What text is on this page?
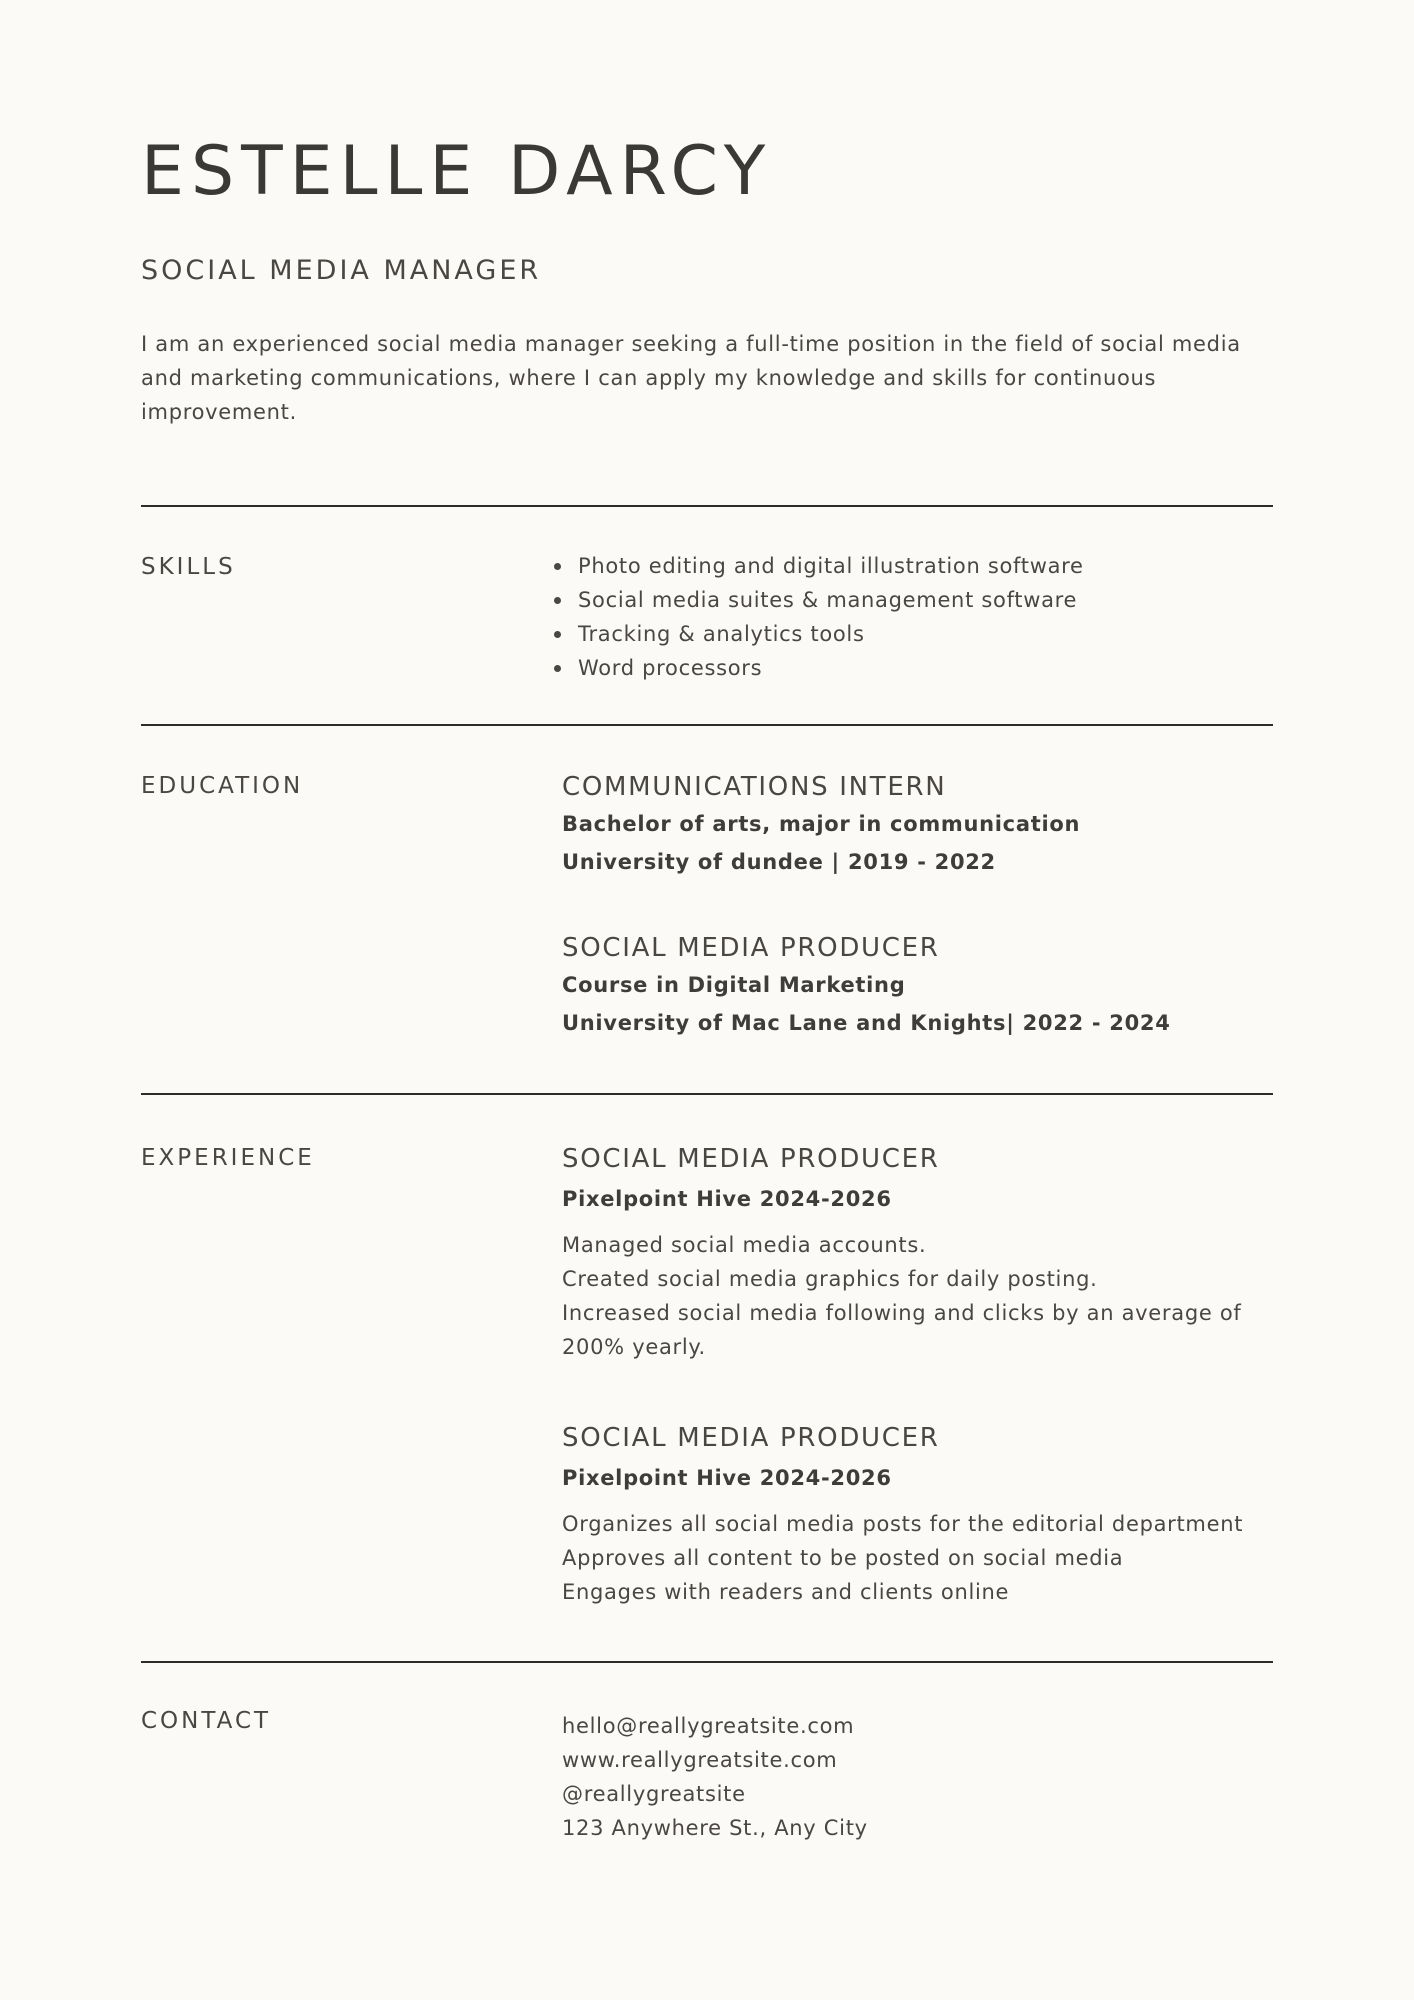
ESTELLE DARCY
SOCIAL MEDIA MANAGER

I am an experienced social media manager seeking a full-time position in the field of social media and marketing communications, where I can apply my knowledge and skills for continuous improvement.

SKILLS	Photo editing and digital illustration software
Social media suites & management software
Tracking & analytics tools
Word processors
EDUCATION	COMMUNICATIONS INTERN
Bachelor of arts, major in communication
University of dundee | 2019 - 2022
SOCIAL MEDIA PRODUCER
Course in Digital Marketing
University of Mac Lane and Knights| 2022 - 2024
EXPERIENCE	SOCIAL MEDIA PRODUCER
Pixelpoint Hive 2024-2026
Managed social media accounts.
Created social media graphics for daily posting.
Increased social media following and clicks by an average of 200% yearly.
SOCIAL MEDIA PRODUCER
Pixelpoint Hive 2024-2026
Organizes all social media posts for the editorial department
Approves all content to be posted on social media
Engages with readers and clients online
CONTACT	hello@reallygreatsite.com
www.reallygreatsite.com
@reallygreatsite
123 Anywhere St., Any City
